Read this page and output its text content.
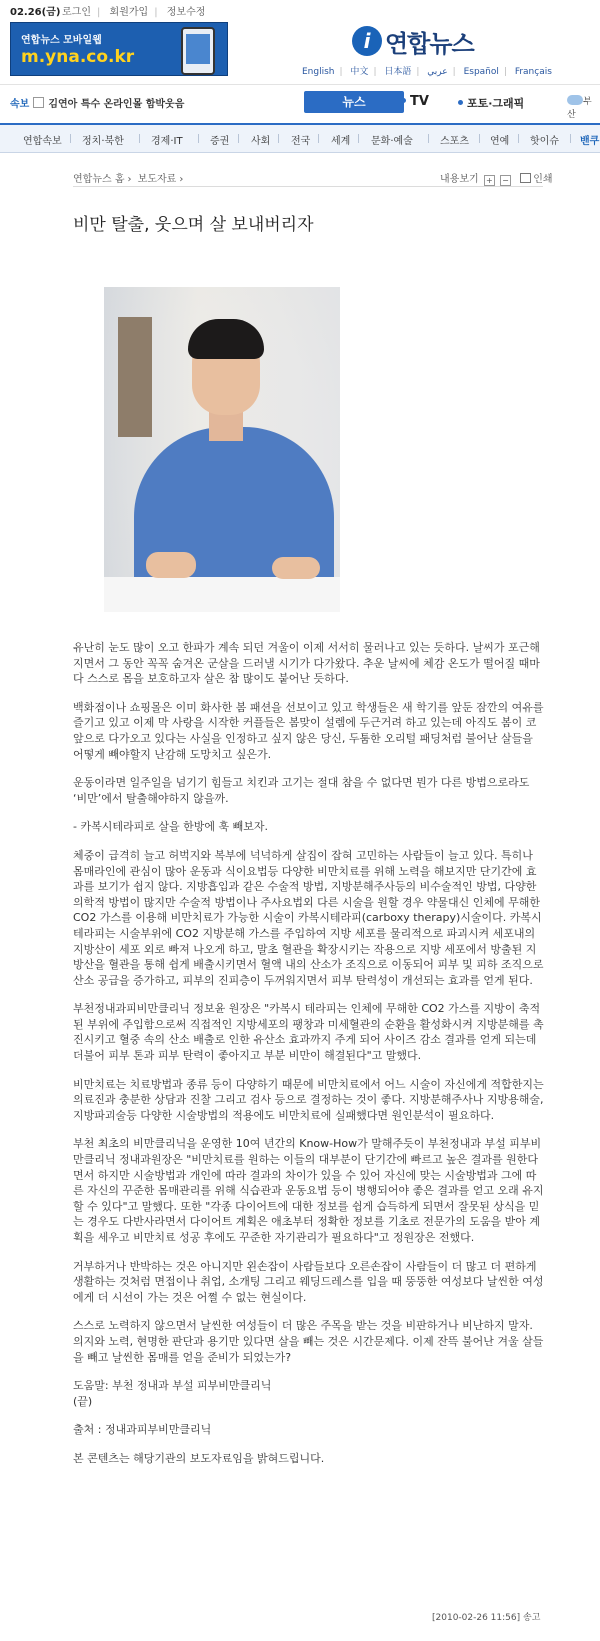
02.26(금) 로그인 | 회원가입 | 정보수정
연합뉴스 모바일웹
m.yna.co.kr
i 연합뉴스
English | 中文 | 日本語 | عربي | Español | Français
속보 김연아 특수 온라인몰 함박웃음	뉴스	TV	포토·그래픽	부산
연합속보 정치·북한	경제·IT	증권 사회 전국 세계 문화·예술	스포츠 연예 핫이슈 밴쿠
연합뉴스 홈 › 보도자료 ›	내용보기 + − 인쇄
비만 탈출, 웃으며 살 보내버리자

유난히 눈도 많이 오고 한파가 계속 되던 겨울이 이제 서서히 물러나고 있는 듯하다. 날씨가 포근해지면서 그 동안 꼭꼭 숨겨온 군살을 드러낼 시기가 다가왔다. 추운 날씨에 체감 온도가 떨어질 때마다 스스로 몸을 보호하고자 살은 참 많이도 붙어난 듯하다.

백화점이나 쇼핑몰은 이미 화사한 봄 패션을 선보이고 있고 학생들은 새 학기를 앞둔 잠깐의 여유를 즐기고 있고 이제 막 사랑을 시작한 커플들은 봄맞이 설렘에 두근거려 하고 있는데 아직도 봄이 코앞으로 다가오고 있다는 사실을 인정하고 싶지 않은 당신, 두툼한 오리털 패딩처럼 불어난 살들을 어떻게 빼야할지 난감해 도망치고 싶은가.

운동이라면 일주일을 넘기기 힘들고 치킨과 고기는 절대 참을 수 없다면 뭔가 다른 방법으로라도 ‘비만’에서 탈출해야하지 않을까.

- 카복시테라피로 살을 한방에 훅 빼보자.

체중이 급격히 늘고 허벅지와 복부에 넉넉하게 살집이 잡혀 고민하는 사람들이 늘고 있다. 특히나 몸매라인에 관심이 많아 운동과 식이요법등 다양한 비만치료를 위해 노력을 해보지만 단기간에 효과를 보기가 쉽지 않다. 지방흡입과 같은 수술적 방법, 지방분해주사등의 비수술적인 방법, 다양한 의학적 방법이 많지만 수술적 방법이나 주사요법외 다른 시술을 원할 경우 약물대신 인체에 무해한 CO2 가스를 이용해 비만치료가 가능한 시술이 카복시테라피(carboxy therapy)시술이다. 카복시테라피는 시술부위에 CO2 지방분해 가스를 주입하여 지방 세포를 물리적으로 파괴시켜 세포내의 지방산이 세포 외로 빠져 나오게 하고, 말초 혈관을 확장시키는 작용으로 지방 세포에서 방출된 지방산을 혈관을 통해 쉽게 배출시키면서 혈액 내의 산소가 조직으로 이동되어 피부 및 피하 조직으로 산소 공급을 증가하고, 피부의 진피층이 두꺼워지면서 피부 탄력성이 개선되는 효과를 얻게 된다.

부천정내과피비만클리닉 정보윤 원장은 "카복시 테라피는 인체에 무해한 CO2 가스를 지방이 축적된 부위에 주입함으로써 직접적인 지방세포의 팽창과 미세혈관의 순환을 활성화시켜 지방분해를 촉진시키고 혈중 속의 산소 배출로 인한 유산소 효과까지 주게 되어 사이즈 감소 결과를 얻게 되는데 더불어 피부 톤과 피부 탄력이 좋아지고 부분 비만이 해결된다"고 말했다.

비만치료는 치료방법과 종류 등이 다양하기 때문에 비만치료에서 어느 시술이 자신에게 적합한지는 의료진과 충분한 상담과 진찰 그리고 검사 등으로 결정하는 것이 좋다. 지방분해주사나 지방용해술, 지방파괴술등 다양한 시술방법의 적용에도 비만치료에 실패했다면 원인분석이 필요하다.

부천 최초의 비만클리닉을 운영한 10여 년간의 Know-How가 말해주듯이 부천정내과 부설 피부비만클리닉 정내과원장은 "비만치료를 원하는 이들의 대부분이 단기간에 빠르고 높은 결과를 원한다면서 하지만 시술방법과 개인에 따라 결과의 차이가 있을 수 있어 자신에 맞는 시술방법과 그에 따른 자신의 꾸준한 몸매관리를 위해 식습관과 운동요법 등이 병행되어야 좋은 결과를 얻고 오래 유지할 수 있다"고 말했다. 또한 "각종 다이어트에 대한 정보를 쉽게 습득하게 되면서 잘못된 상식을 믿는 경우도 다반사라면서 다이어트 계획은 애초부터 정확한 정보를 기초로 전문가의 도움을 받아 계획을 세우고 비만치료 성공 후에도 꾸준한 자기관리가 필요하다"고 정원장은 전했다.

거부하거나 반박하는 것은 아니지만 왼손잡이 사람들보다 오른손잡이 사람들이 더 많고 더 편하게 생활하는 것처럼 면접이나 취업, 소개팅 그리고 웨딩드레스를 입을 때 뚱뚱한 여성보다 날씬한 여성에게 더 시선이 가는 것은 어쩔 수 없는 현실이다.

스스로 노력하지 않으면서 날씬한 여성들이 더 많은 주목을 받는 것을 비판하거나 비난하지 말자. 의지와 노력, 현명한 판단과 용기만 있다면 살을 빼는 것은 시간문제다. 이제 잔뜩 불어난 겨울 살들을 빼고 날씬한 몸매를 얻을 준비가 되었는가?

도움말: 부천 정내과 부설 피부비만클리닉
(끝)

출처 : 정내과피부비만클리닉

본 콘텐츠는 해당기관의 보도자료임을 밝혀드립니다.

[2010-02-26 11:56] 송고
